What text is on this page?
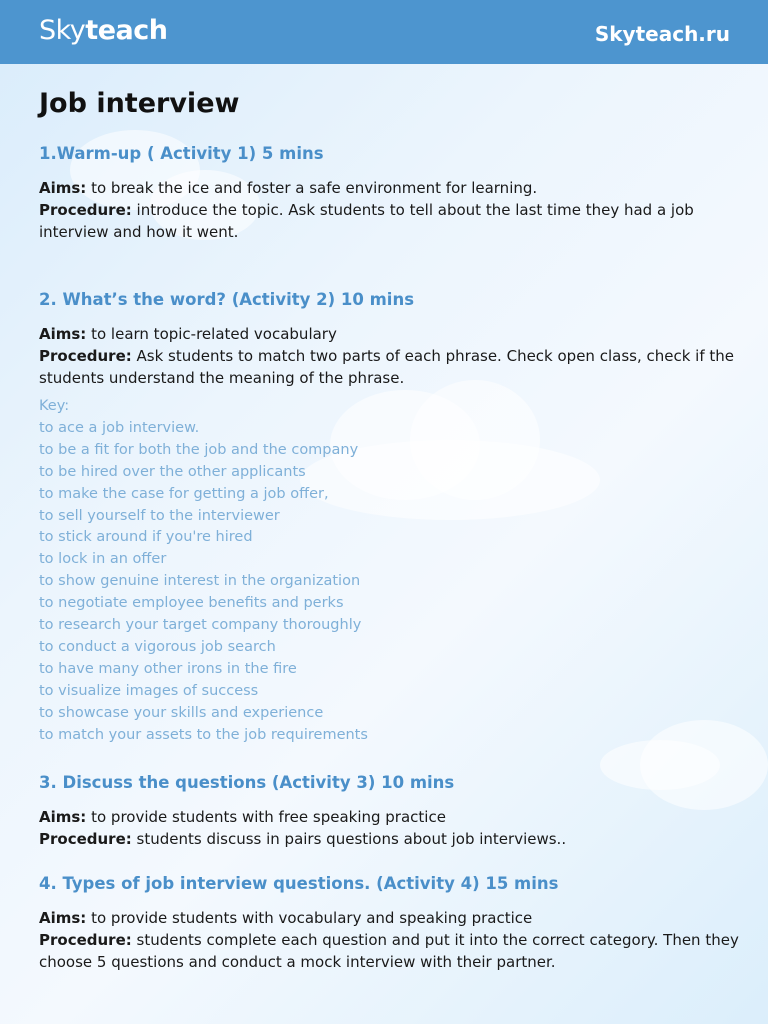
Skyteach	Skyteach.ru
Job interview
1.Warm-up ( Activity 1) 5 mins

Aims: to break the ice and foster a safe environment for learning.

Procedure: introduce the topic. Ask students to tell about the last time they had a job interview and how it went.

2. What’s the word? (Activity 2) 10 mins

Aims: to learn topic-related vocabulary

Procedure: Ask students to match two parts of each phrase. Check open class, check if the students understand the meaning of the phrase.

Key:
to ace a job interview.
to be a fit for both the job and the company
to be hired over the other applicants
to make the case for getting a job offer,
to sell yourself to the interviewer
to stick around if you're hired
to lock in an offer
to show genuine interest in the organization
to negotiate employee benefits and perks
to research your target company thoroughly
to conduct a vigorous job search
to have many other irons in the fire
to visualize images of success
to showcase your skills and experience
to match your assets to the job requirements
3. Discuss the questions (Activity 3) 10 mins

Aims: to provide students with free speaking practice

Procedure: students discuss in pairs questions about job interviews..

4. Types of job interview questions. (Activity 4) 15 mins

Aims: to provide students with vocabulary and speaking practice

Procedure: students complete each question and put it into the correct category. Then they choose 5 questions and conduct a mock interview with their partner.
